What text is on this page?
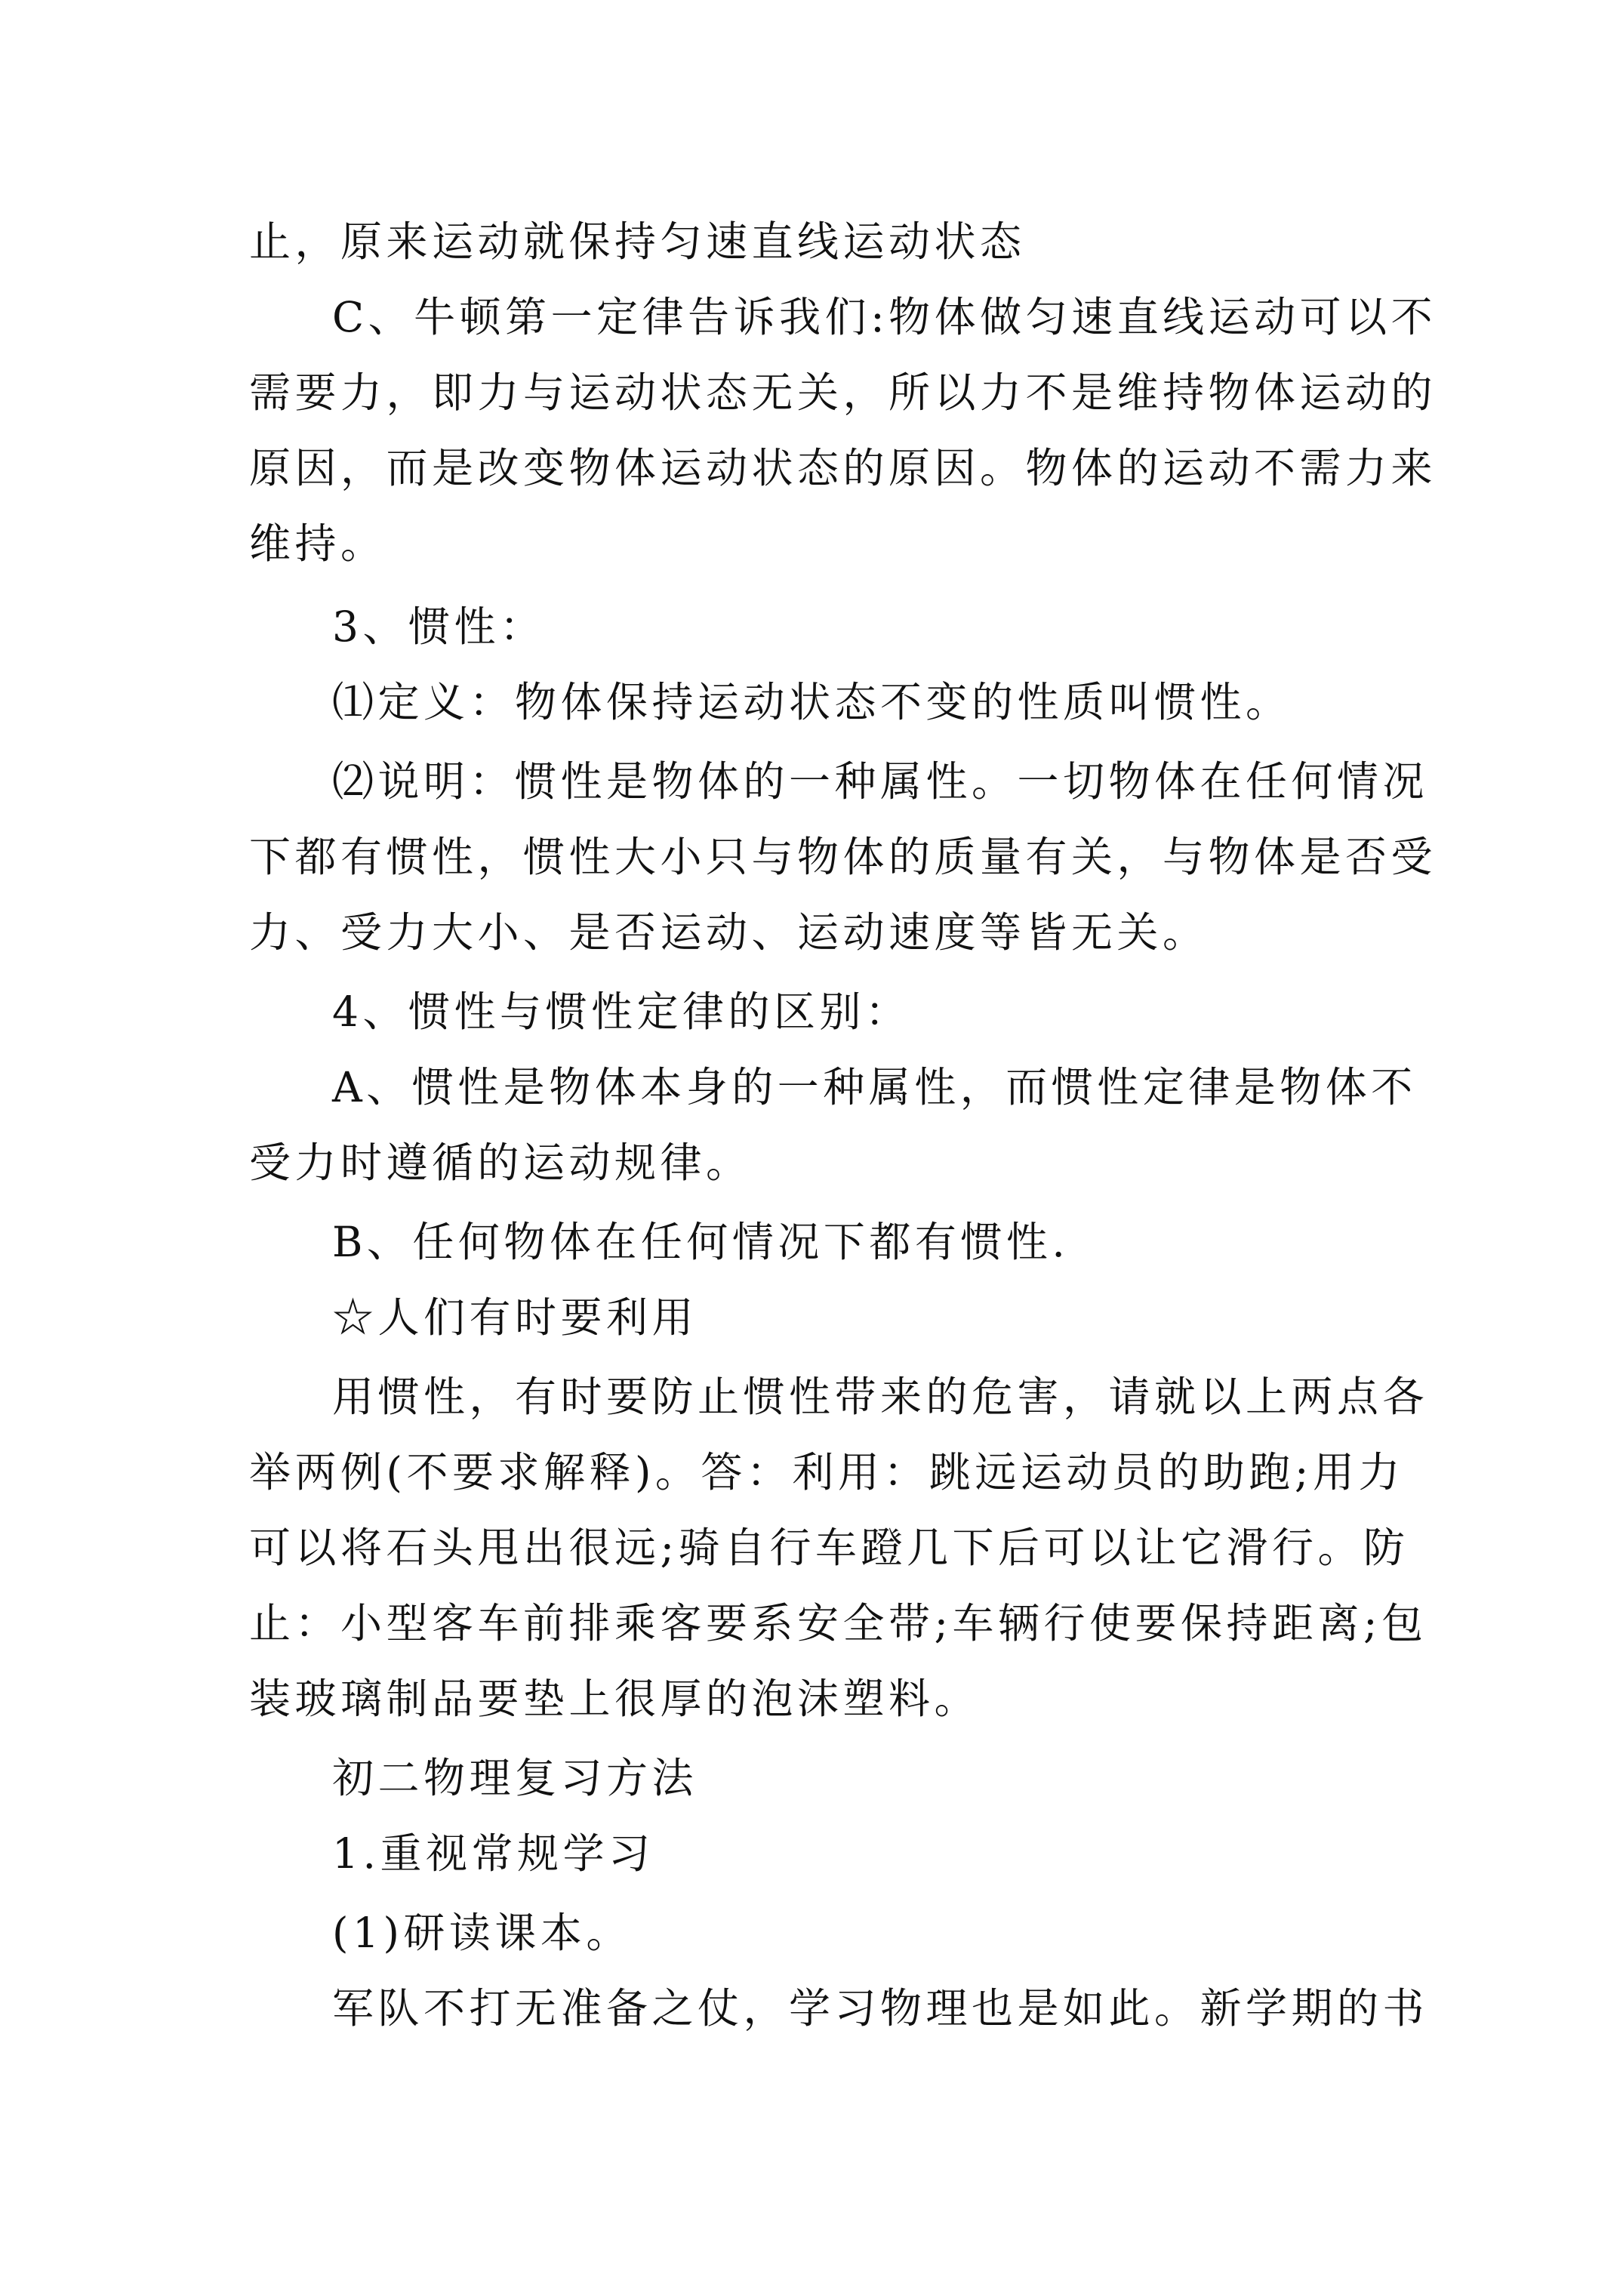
止，原来运动就保持匀速直线运动状态
C、牛顿第一定律告诉我们:物体做匀速直线运动可以不
需要力，即力与运动状态无关，所以力不是维持物体运动的
原因，而是改变物体运动状态的原因。物体的运动不需力来
维持。
3、惯性：
⑴定义：物体保持运动状态不变的性质叫惯性。
⑵说明：惯性是物体的一种属性。一切物体在任何情况
下都有惯性，惯性大小只与物体的质量有关，与物体是否受
力、受力大小、是否运动、运动速度等皆无关。
4、惯性与惯性定律的区别：
A、惯性是物体本身的一种属性，而惯性定律是物体不
受力时遵循的运动规律。
B、任何物体在任何情况下都有惯性.
☆人们有时要利用
用惯性，有时要防止惯性带来的危害，请就以上两点各
举两例(不要求解释)。答：利用：跳远运动员的助跑;用力
可以将石头甩出很远;骑自行车蹬几下后可以让它滑行。防
止：小型客车前排乘客要系安全带;车辆行使要保持距离;包
装玻璃制品要垫上很厚的泡沫塑料。
初二物理复习方法
1.重视常规学习
(1)研读课本。
军队不打无准备之仗，学习物理也是如此。新学期的书
